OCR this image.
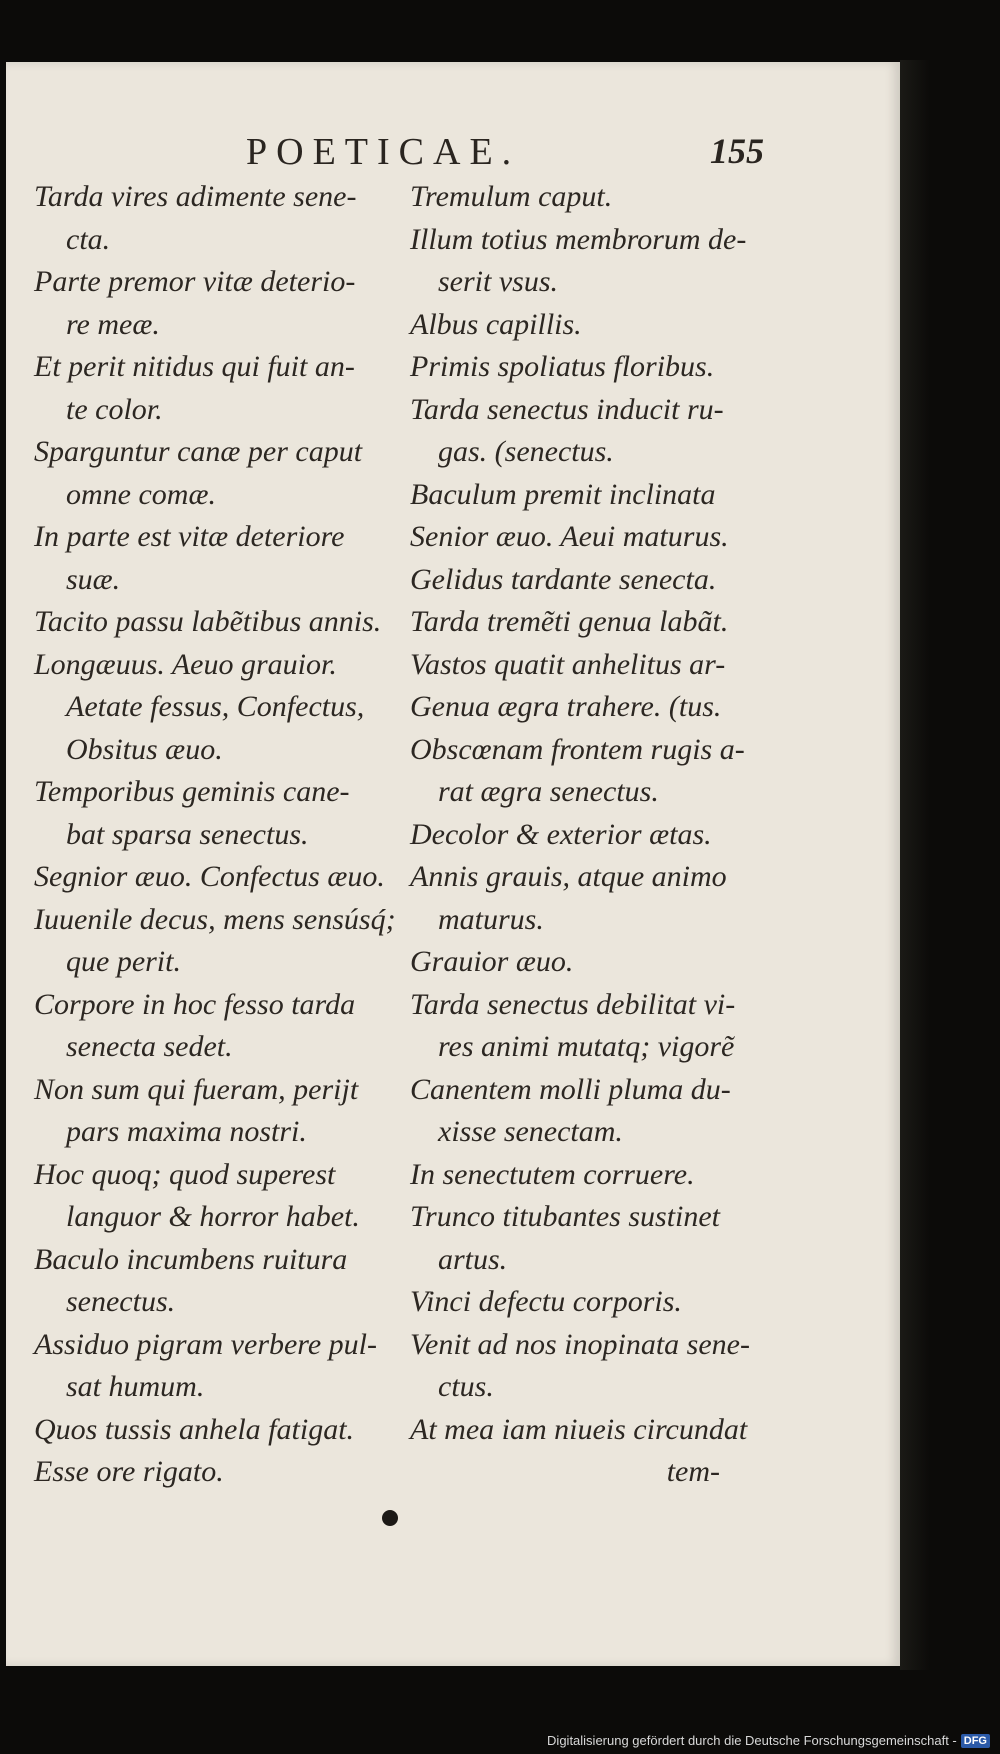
POETICAE.	155
Tarda vires adimente sene-
cta.
Parte premor vitæ deterio-
re meæ.
Et perit nitidus qui fuit an-
te color.
Sparguntur canæ per caput
omne comæ.
In parte est vitæ deteriore
suæ.
Tacito passu labẽtibus annis.
Longæuus. Aeuo grauior.
Aetate fessus, Confectus,
Obsitus æuo.
Temporibus geminis cane-
bat sparsa senectus.
Segnior æuo. Confectus æuo.
Iuuenile decus, mens sensúsq́;
que perit.
Corpore in hoc fesso tarda
senecta sedet.
Non sum qui fueram, perijt
pars maxima nostri.
Hoc quoq; quod superest
languor & horror habet.
Baculo incumbens ruitura
senectus.
Assiduo pigram verbere pul-
sat humum.
Quos tussis anhela fatigat.
Esse ore rigato.
Tremulum caput.
Illum totius membrorum de-
serit vsus.
Albus capillis.
Primis spoliatus floribus.
Tarda senectus inducit ru-
gas. (senectus.
Baculum premit inclinata
Senior æuo. Aeui maturus.
Gelidus tardante senecta.
Tarda tremẽti genua labãt.
Vastos quatit anhelitus ar-
Genua ægra trahere. (tus.
Obscœnam frontem rugis a-
rat ægra senectus.
Decolor & exterior ætas.
Annis grauis, atque animo
maturus.
Grauior æuo.
Tarda senectus debilitat vi-
res animi mutatq; vigorẽ
Canentem molli pluma du-
xisse senectam.
In senectutem corruere.
Trunco titubantes sustinet
artus.
Vinci defectu corporis.
Venit ad nos inopinata sene-
ctus.
At mea iam niueis circundat
tem-
Digitalisierung gefördert durch die Deutsche Forschungsgemeinschaft - DFG
